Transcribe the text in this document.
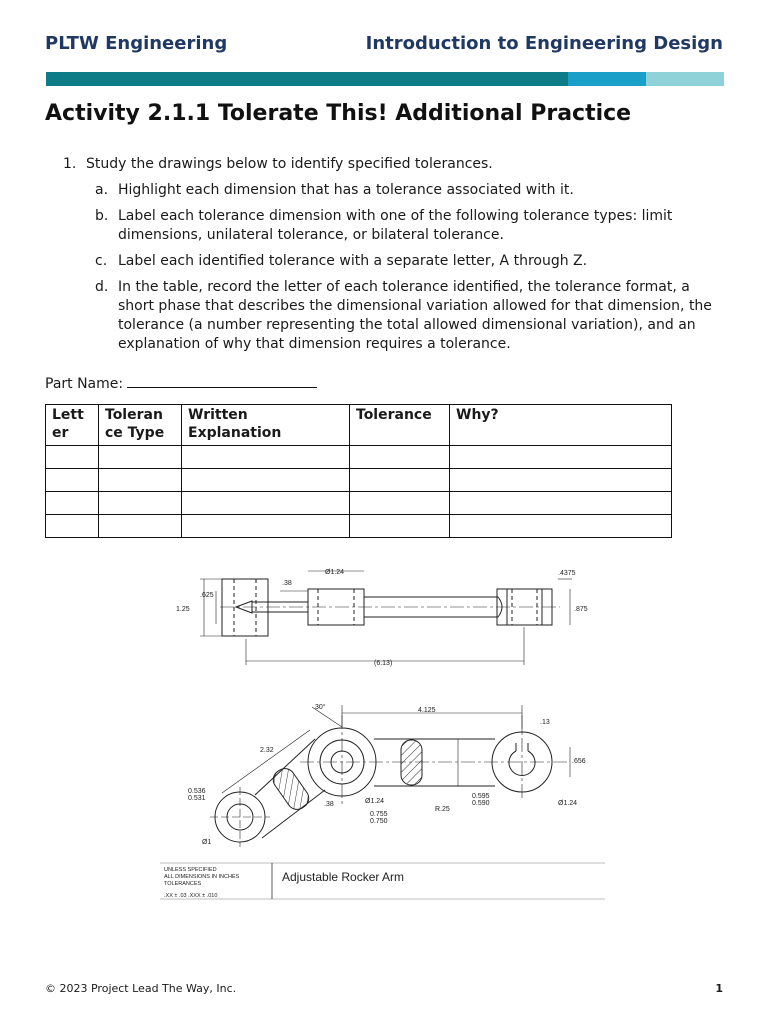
PLTW Engineering	Introduction to Engineering Design
Activity 2.1.1 Tolerate This! Additional Practice
1. Study the drawings below to identify specified tolerances.
a. Highlight each dimension that has a tolerance associated with it.
b. Label each tolerance dimension with one of the following tolerance types: limit dimensions, unilateral tolerance, or bilateral tolerance.
c. Label each identified tolerance with a separate letter, A through Z.
d. In the table, record the letter of each tolerance identified, the tolerance format, a short phase that describes the dimensional variation allowed for that dimension, the tolerance (a number representing the total allowed dimensional variation), and an explanation of why that dimension requires a tolerance.
Part Name:
Lett er	Toleran ce Type	Written Explanation	Tolerance	Why?

Ø1.24
.38
.625
1.25
.4375
.875
(6.13)
30°	4.125
.13
2.32
.656
0.536
0.531
.38	Ø1.24
R.25
0.595
0.590	Ø1.24
0.755
0.750
Ø1
UNLESS SPECIFIED
ALL DIMENSIONS IN INCHES
TOLERANCES
.XX ± .03 .XXX ± .010
Adjustable Rocker Arm
© 2023 Project Lead The Way, Inc.	1
